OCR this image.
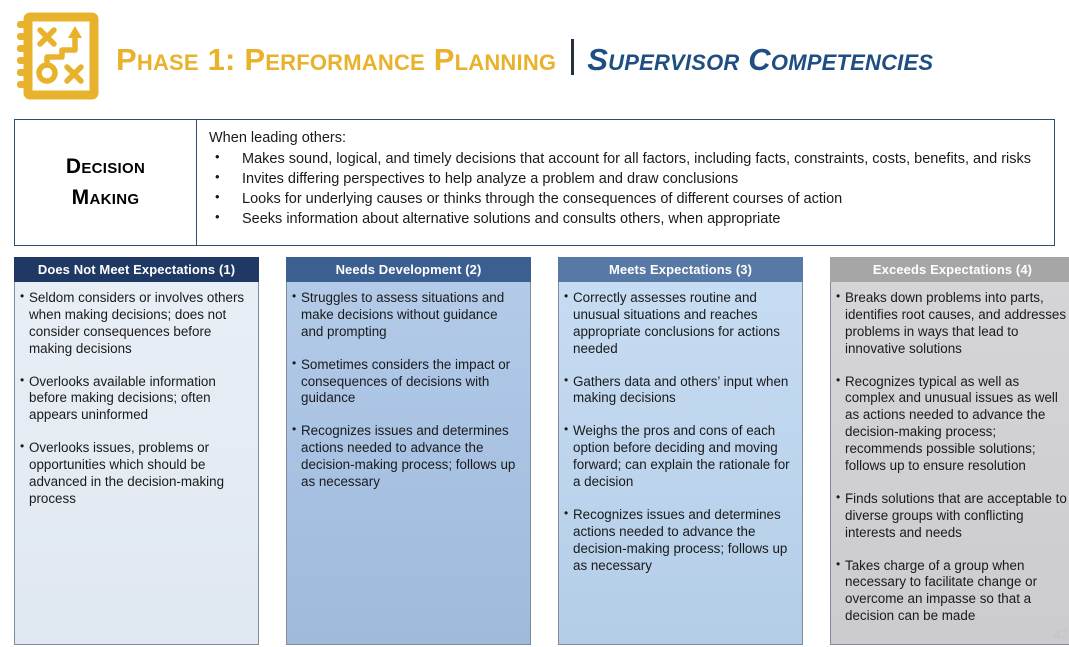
Phase 1: Performance Planning Supervisor Competencies
Decision
Making
When leading others:
• Makes sound, logical, and timely decisions that account for all factors, including facts, constraints, costs, benefits, and risks
• Invites differing perspectives to help analyze a problem and draw conclusions
• Looks for underlying causes or thinks through the consequences of different courses of action
• Seeks information about alternative solutions and consults others, when appropriate
Does Not Meet Expectations (1)
• Seldom considers or involves others when making decisions; does not consider consequences before making decisions
• Overlooks available information before making decisions; often appears uninformed
• Overlooks issues, problems or opportunities which should be advanced in the decision-making process
Needs Development (2)
• Struggles to assess situations and make decisions without guidance and prompting
• Sometimes considers the impact or consequences of decisions with guidance
• Recognizes issues and determines actions needed to advance the decision-making process; follows up as necessary
Meets Expectations (3)
• Correctly assesses routine and unusual situations and reaches appropriate conclusions for actions needed
• Gathers data and others’ input when making decisions
• Weighs the pros and cons of each option before deciding and moving forward; can explain the rationale for a decision
• Recognizes issues and determines actions needed to advance the decision-making process; follows up as necessary
Exceeds Expectations (4)
• Breaks down problems into parts, identifies root causes, and addresses problems in ways that lead to innovative solutions
• Recognizes typical as well as complex and unusual issues as well as actions needed to advance the decision-making process; recommends possible solutions; follows up to ensure resolution
• Finds solutions that are acceptable to diverse groups with conflicting interests and needs
• Takes charge of a group when necessary to facilitate change or overcome an impasse so that a decision can be made
42
